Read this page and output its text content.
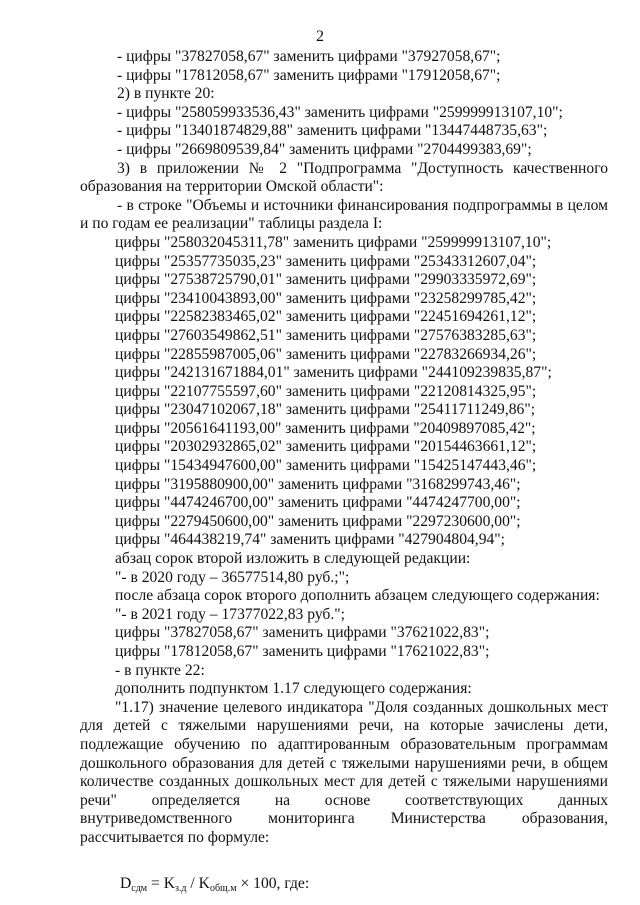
2
- цифры "37827058,67" заменить цифрами "37927058,67";
- цифры "17812058,67" заменить цифрами "17912058,67";
2) в пункте 20:
- цифры "258059933536,43" заменить цифрами "259999913107,10";
- цифры "13401874829,88" заменить цифрами "13447448735,63";
- цифры "2669809539,84" заменить цифрами "2704499383,69";
3) в приложении № 2 "Подпрограмма "Доступность качественного
образования на территории Омской области":
- в строке "Объемы и источники финансирования подпрограммы в целом
и по годам ее реализации" таблицы раздела I:
цифры "258032045311,78" заменить цифрами "259999913107,10";
цифры "25357735035,23" заменить цифрами "25343312607,04";
цифры "27538725790,01" заменить цифрами "29903335972,69";
цифры "23410043893,00" заменить цифрами "23258299785,42";
цифры "22582383465,02" заменить цифрами "22451694261,12";
цифры "27603549862,51" заменить цифрами "27576383285,63";
цифры "22855987005,06" заменить цифрами "22783266934,26";
цифры "242131671884,01" заменить цифрами "244109239835,87";
цифры "22107755597,60" заменить цифрами "22120814325,95";
цифры "23047102067,18" заменить цифрами "25411711249,86";
цифры "20561641193,00" заменить цифрами "20409897085,42";
цифры "20302932865,02" заменить цифрами "20154463661,12";
цифры "15434947600,00" заменить цифрами "15425147443,46";
цифры "3195880900,00" заменить цифрами "3168299743,46";
цифры "4474246700,00" заменить цифрами "4474247700,00";
цифры "2279450600,00" заменить цифрами "2297230600,00";
цифры "464438219,74" заменить цифрами "427904804,94";
абзац сорок второй изложить в следующей редакции:
"- в 2020 году – 36577514,80 руб.;";
после абзаца сорок второго дополнить абзацем следующего содержания:
"- в 2021 году – 17377022,83 руб.";
цифры "37827058,67" заменить цифрами "37621022,83";
цифры "17812058,67" заменить цифрами "17621022,83";
- в пункте 22:
дополнить подпунктом 1.17 следующего содержания:
"1.17) значение целевого индикатора "Доля созданных дошкольных мест
для детей с тяжелыми нарушениями речи, на которые зачислены дети,
подлежащие обучению по адаптированным образовательным программам
дошкольного образования для детей с тяжелыми нарушениями речи, в общем
количестве созданных дошкольных мест для детей с тяжелыми нарушениями
речи" определяется на основе соответствующих данных
внутриведомственного мониторинга Министерства образования,
рассчитывается по формуле:
$D_{сдм} = K_{з.д} / K_{общ.м} \times 100$, где:
